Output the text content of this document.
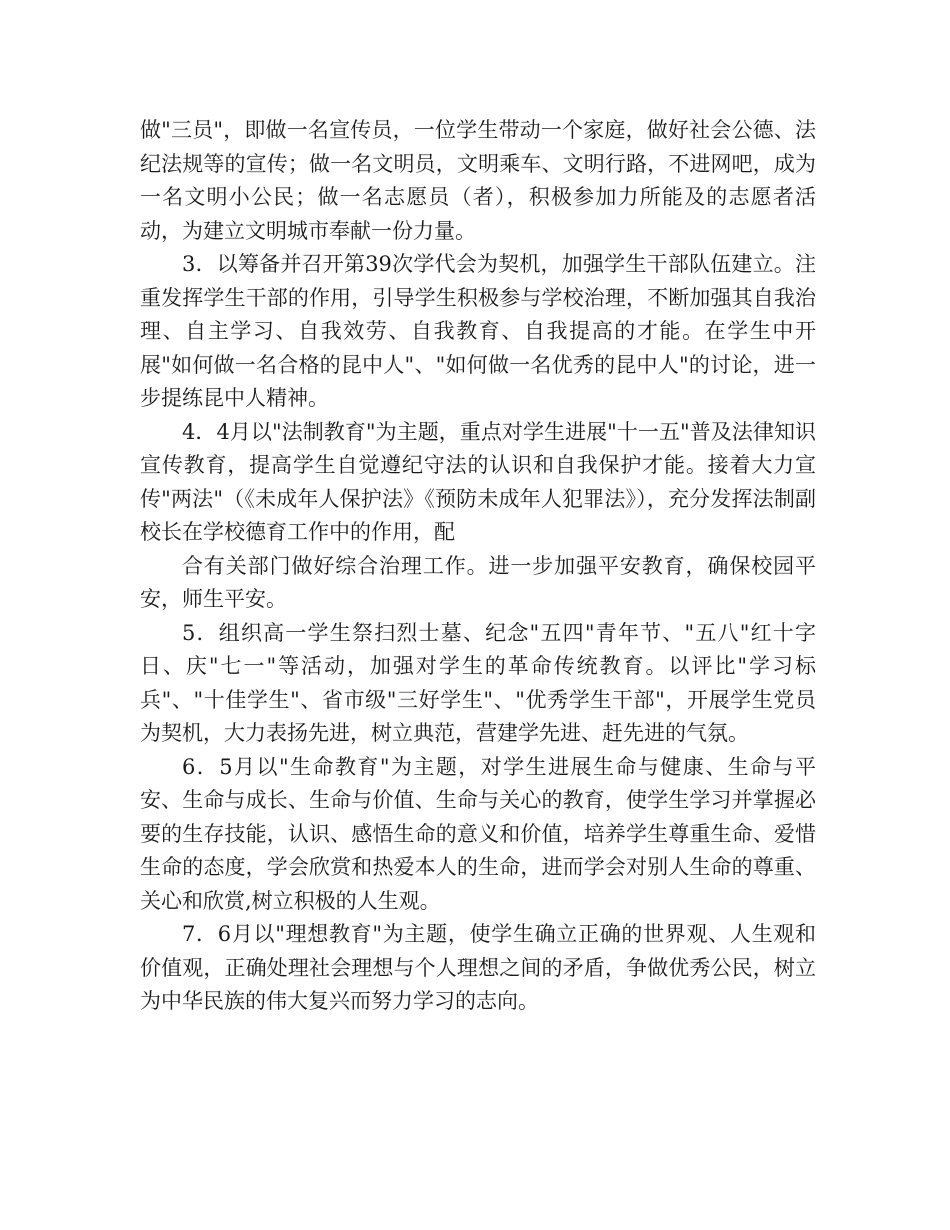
做"三员"，即做一名宣传员，一位学生带动一个家庭，做好社会公德、法纪法规等的宣传；做一名文明员，文明乘车、文明行路，不进网吧，成为一名文明小公民；做一名志愿员（者），积极参加力所能及的志愿者活动，为建立文明城市奉献一份力量。

3．以筹备并召开第39次学代会为契机，加强学生干部队伍建立。注重发挥学生干部的作用，引导学生积极参与学校治理，不断加强其自我治理、自主学习、自我效劳、自我教育、自我提高的才能。在学生中开展"如何做一名合格的昆中人"、"如何做一名优秀的昆中人"的讨论，进一步提练昆中人精神。

4．4月以"法制教育"为主题，重点对学生进展"十一五"普及法律知识宣传教育，提高学生自觉遵纪守法的认识和自我保护才能。接着大力宣传"两法"（《未成年人保护法》《预防未成年人犯罪法》），充分发挥法制副校长在学校德育工作中的作用，配

合有关部门做好综合治理工作。进一步加强平安教育，确保校园平安，师生平安。

5．组织高一学生祭扫烈士墓、纪念"五四"青年节、"五八"红十字日、庆"七一"等活动，加强对学生的革命传统教育。以评比"学习标兵"、"十佳学生"、省市级"三好学生"、"优秀学生干部"，开展学生党员为契机，大力表扬先进，树立典范，营建学先进、赶先进的气氛。

6．5月以"生命教育"为主题，对学生进展生命与健康、生命与平安、生命与成长、生命与价值、生命与关心的教育，使学生学习并掌握必要的生存技能，认识、感悟生命的意义和价值，培养学生尊重生命、爱惜生命的态度，学会欣赏和热爱本人的生命，进而学会对别人生命的尊重、关心和欣赏,树立积极的人生观。

7．6月以"理想教育"为主题，使学生确立正确的世界观、人生观和价值观，正确处理社会理想与个人理想之间的矛盾，争做优秀公民，树立为中华民族的伟大复兴而努力学习的志向。
